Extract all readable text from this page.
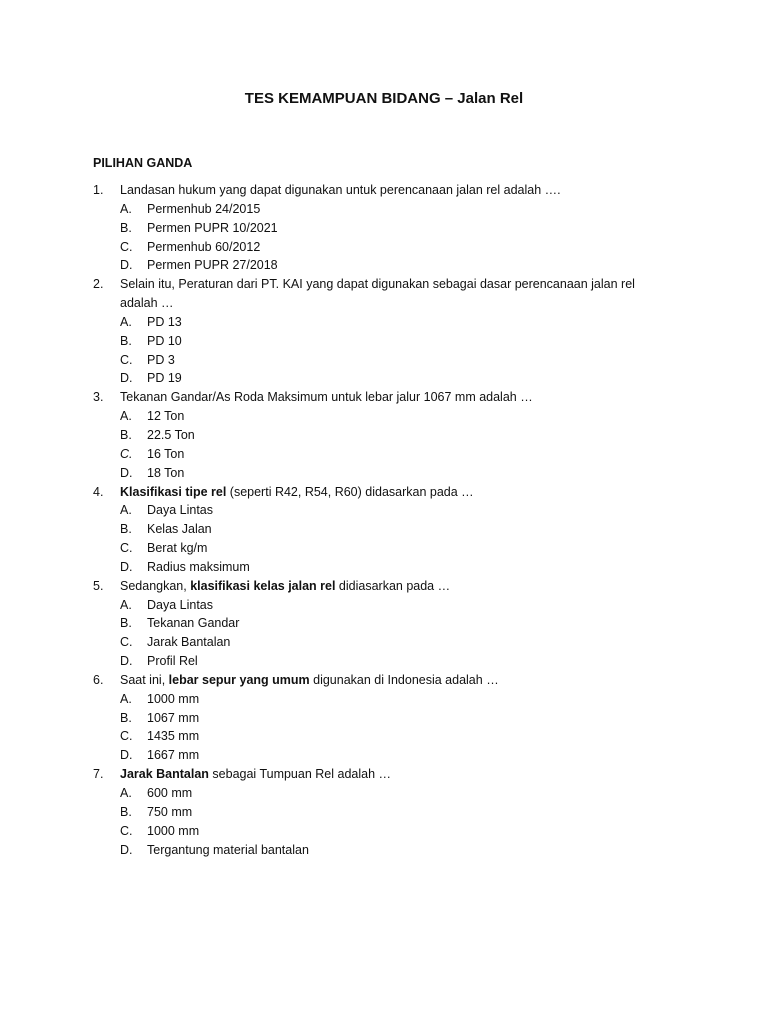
TES KEMAMPUAN BIDANG – Jalan Rel
PILIHAN GANDA
1. Landasan hukum yang dapat digunakan untuk perencanaan jalan rel adalah ….
A. Permenhub 24/2015
B. Permen PUPR 10/2021
C. Permenhub 60/2012
D. Permen PUPR 27/2018
2. Selain itu, Peraturan dari PT. KAI yang dapat digunakan sebagai dasar perencanaan jalan rel adalah …
A. PD 13
B. PD 10
C. PD 3
D. PD 19
3. Tekanan Gandar/As Roda Maksimum untuk lebar jalur 1067 mm adalah …
A. 12 Ton
B. 22.5 Ton
C. 16 Ton
D. 18 Ton
4. Klasifikasi tipe rel (seperti R42, R54, R60) didasarkan pada …
A. Daya Lintas
B. Kelas Jalan
C. Berat kg/m
D. Radius maksimum
5. Sedangkan, klasifikasi kelas jalan rel didiasarkan pada …
A. Daya Lintas
B. Tekanan Gandar
C. Jarak Bantalan
D. Profil Rel
6. Saat ini, lebar sepur yang umum digunakan di Indonesia adalah …
A. 1000 mm
B. 1067 mm
C. 1435 mm
D. 1667 mm
7. Jarak Bantalan sebagai Tumpuan Rel adalah …
A. 600 mm
B. 750 mm
C. 1000 mm
D. Tergantung material bantalan
